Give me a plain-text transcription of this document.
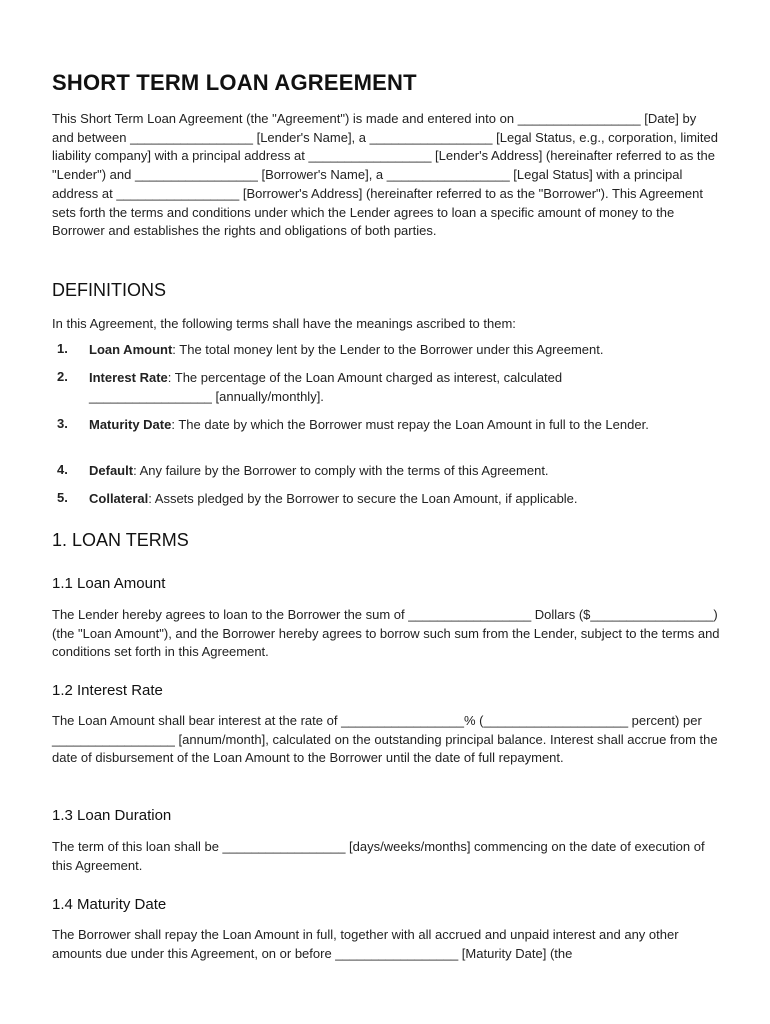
SHORT TERM LOAN AGREEMENT

This Short Term Loan Agreement (the "Agreement") is made and entered into on _________________ [Date] by and between _________________ [Lender's Name], a _________________ [Legal Status, e.g., corporation, limited liability company] with a principal address at _________________ [Lender's Address] (hereinafter referred to as the "Lender") and _________________ [Borrower's Name], a _________________ [Legal Status] with a principal address at _________________ [Borrower's Address] (hereinafter referred to as the "Borrower"). This Agreement sets forth the terms and conditions under which the Lender agrees to loan a specific amount of money to the Borrower and establishes the rights and obligations of both parties.

DEFINITIONS

In this Agreement, the following terms shall have the meanings ascribed to them:

1. Loan Amount: The total money lent by the Lender to the Borrower under this Agreement.

2. Interest Rate: The percentage of the Loan Amount charged as interest, calculated _________________ [annually/monthly].

3. Maturity Date: The date by which the Borrower must repay the Loan Amount in full to the Lender.

4. Default: Any failure by the Borrower to comply with the terms of this Agreement.

5. Collateral: Assets pledged by the Borrower to secure the Loan Amount, if applicable.

1. LOAN TERMS
1.1 Loan Amount

The Lender hereby agrees to loan to the Borrower the sum of _________________ Dollars ($_________________) (the "Loan Amount"), and the Borrower hereby agrees to borrow such sum from the Lender, subject to the terms and conditions set forth in this Agreement.

1.2 Interest Rate

The Loan Amount shall bear interest at the rate of _________________% (____________________ percent) per _________________ [annum/month], calculated on the outstanding principal balance. Interest shall accrue from the date of disbursement of the Loan Amount to the Borrower until the date of full repayment.

1.3 Loan Duration

The term of this loan shall be _________________ [days/weeks/months] commencing on the date of execution of this Agreement.

1.4 Maturity Date

The Borrower shall repay the Loan Amount in full, together with all accrued and unpaid interest and any other amounts due under this Agreement, on or before _________________ [Maturity Date] (the
